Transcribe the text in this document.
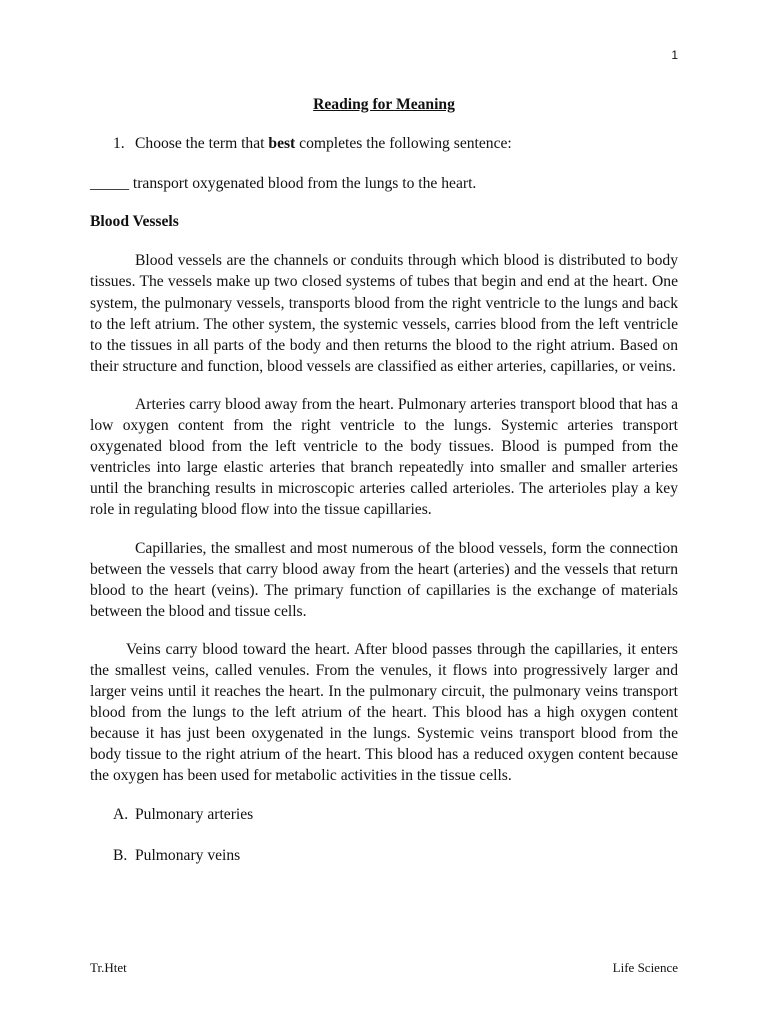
1
Reading for Meaning
1. Choose the term that best completes the following sentence:
_____ transport oxygenated blood from the lungs to the heart.
Blood Vessels

Blood vessels are the channels or conduits through which blood is distributed to body tissues. The vessels make up two closed systems of tubes that begin and end at the heart. One system, the pulmonary vessels, transports blood from the right ventricle to the lungs and back to the left atrium. The other system, the systemic vessels, carries blood from the left ventricle to the tissues in all parts of the body and then returns the blood to the right atrium. Based on their structure and function, blood vessels are classified as either arteries, capillaries, or veins.

Arteries carry blood away from the heart. Pulmonary arteries transport blood that has a low oxygen content from the right ventricle to the lungs. Systemic arteries transport oxygenated blood from the left ventricle to the body tissues. Blood is pumped from the ventricles into large elastic arteries that branch repeatedly into smaller and smaller arteries until the branching results in microscopic arteries called arterioles. The arterioles play a key role in regulating blood flow into the tissue capillaries.

Capillaries, the smallest and most numerous of the blood vessels, form the connection between the vessels that carry blood away from the heart (arteries) and the vessels that return blood to the heart (veins). The primary function of capillaries is the exchange of materials between the blood and tissue cells.

Veins carry blood toward the heart. After blood passes through the capillaries, it enters the smallest veins, called venules. From the venules, it flows into progressively larger and larger veins until it reaches the heart. In the pulmonary circuit, the pulmonary veins transport blood from the lungs to the left atrium of the heart. This blood has a high oxygen content because it has just been oxygenated in the lungs. Systemic veins transport blood from the body tissue to the right atrium of the heart. This blood has a reduced oxygen content because the oxygen has been used for metabolic activities in the tissue cells.

A. Pulmonary arteries
B. Pulmonary veins
Tr.Htet	Life Science
